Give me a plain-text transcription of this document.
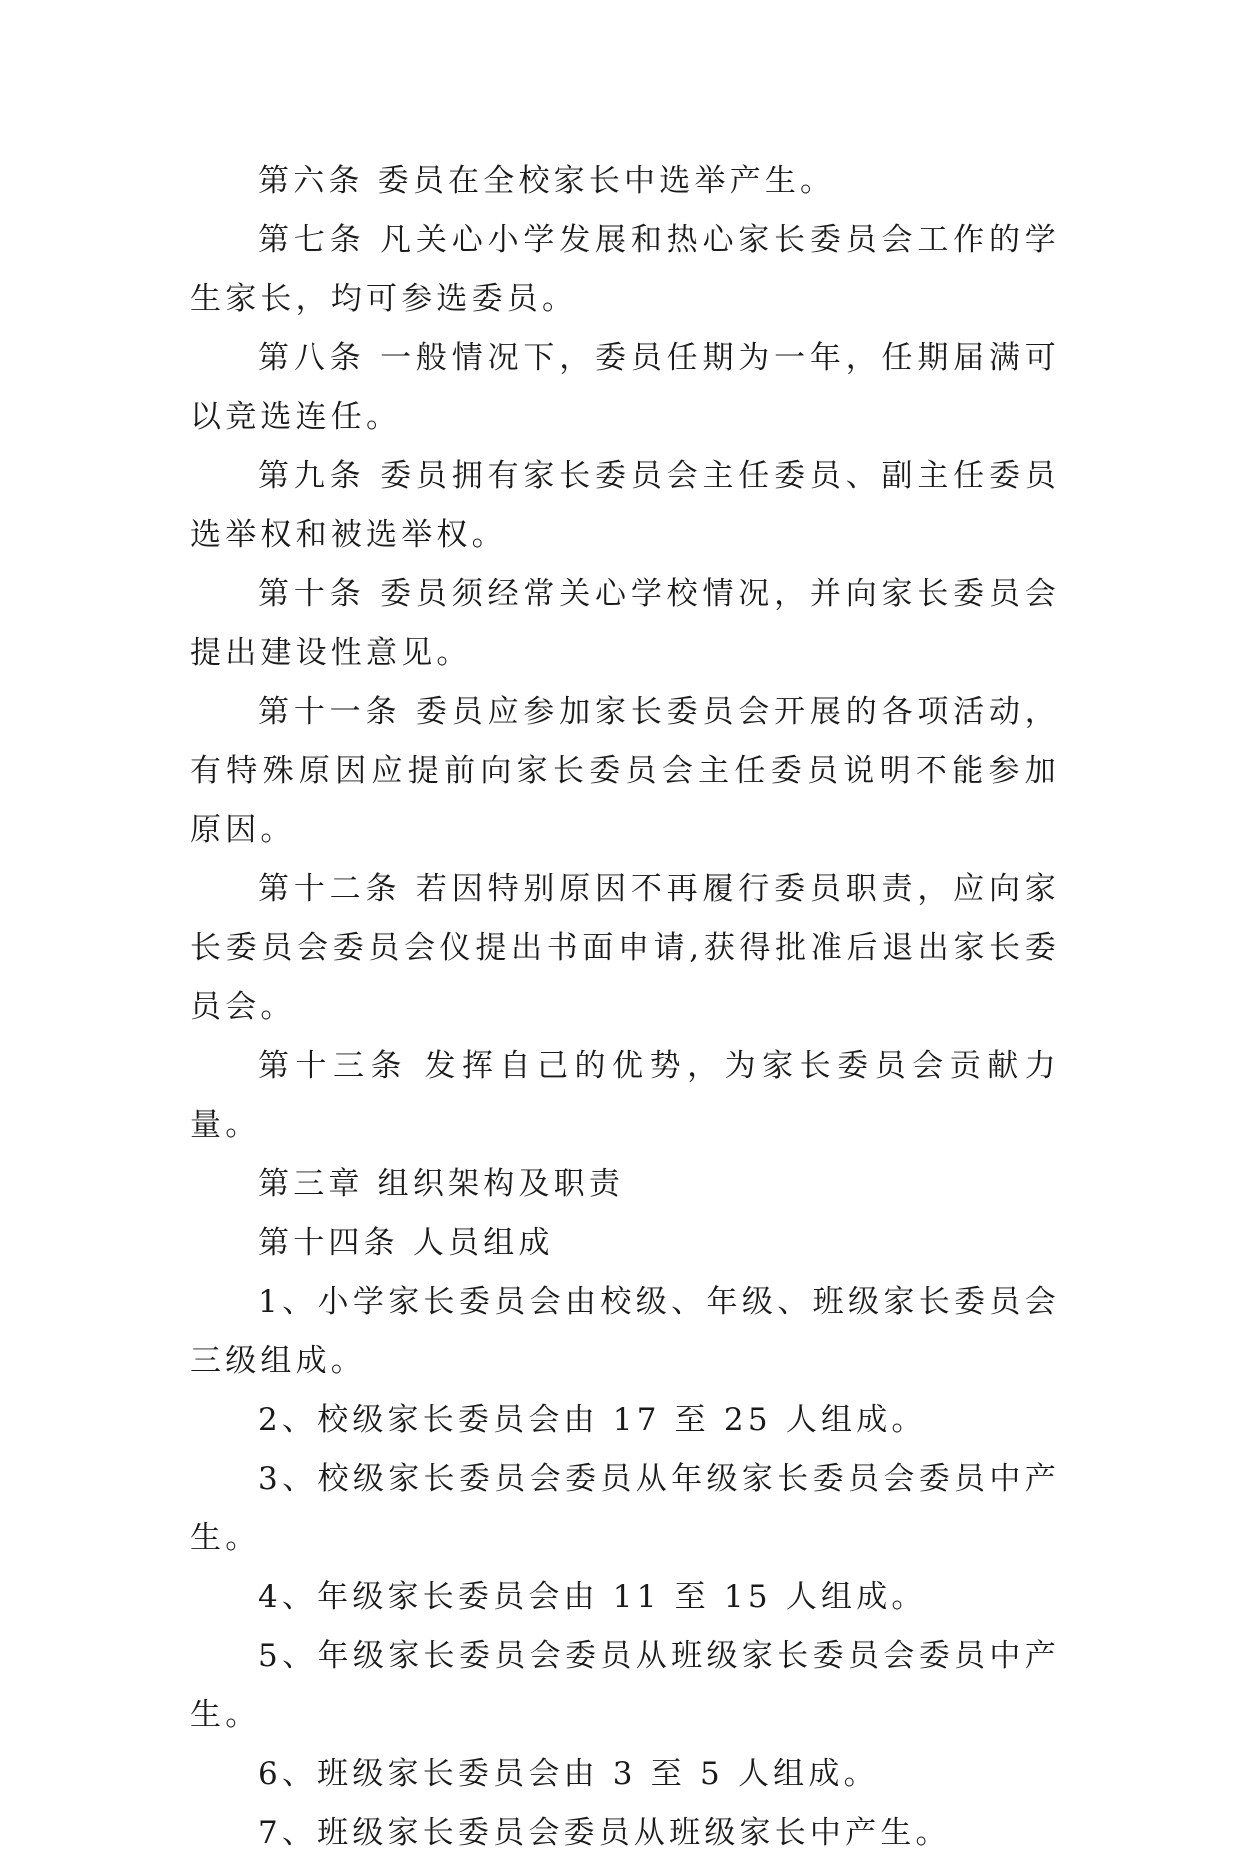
第六条 委员在全校家长中选举产生。

第七条 凡关心小学发展和热心家长委员会工作的学生家长，均可参选委员。

第八条 一般情况下，委员任期为一年，任期届满可以竞选连任。

第九条 委员拥有家长委员会主任委员、副主任委员选举权和被选举权。

第十条 委员须经常关心学校情况，并向家长委员会提出建设性意见。

第十一条 委员应参加家长委员会开展的各项活动，有特殊原因应提前向家长委员会主任委员说明不能参加原因。

第十二条 若因特别原因不再履行委员职责，应向家长委员会委员会仪提出书面申请,获得批准后退出家长委员会。

第十三条 发挥自己的优势，为家长委员会贡献力量。

第三章 组织架构及职责

第十四条 人员组成

1、小学家长委员会由校级、年级、班级家长委员会三级组成。

2、校级家长委员会由 17 至 25 人组成。

3、校级家长委员会委员从年级家长委员会委员中产生。

4、年级家长委员会由 11 至 15 人组成。

5、年级家长委员会委员从班级家长委员会委员中产生。

6、班级家长委员会由 3 至 5 人组成。

7、班级家长委员会委员从班级家长中产生。
